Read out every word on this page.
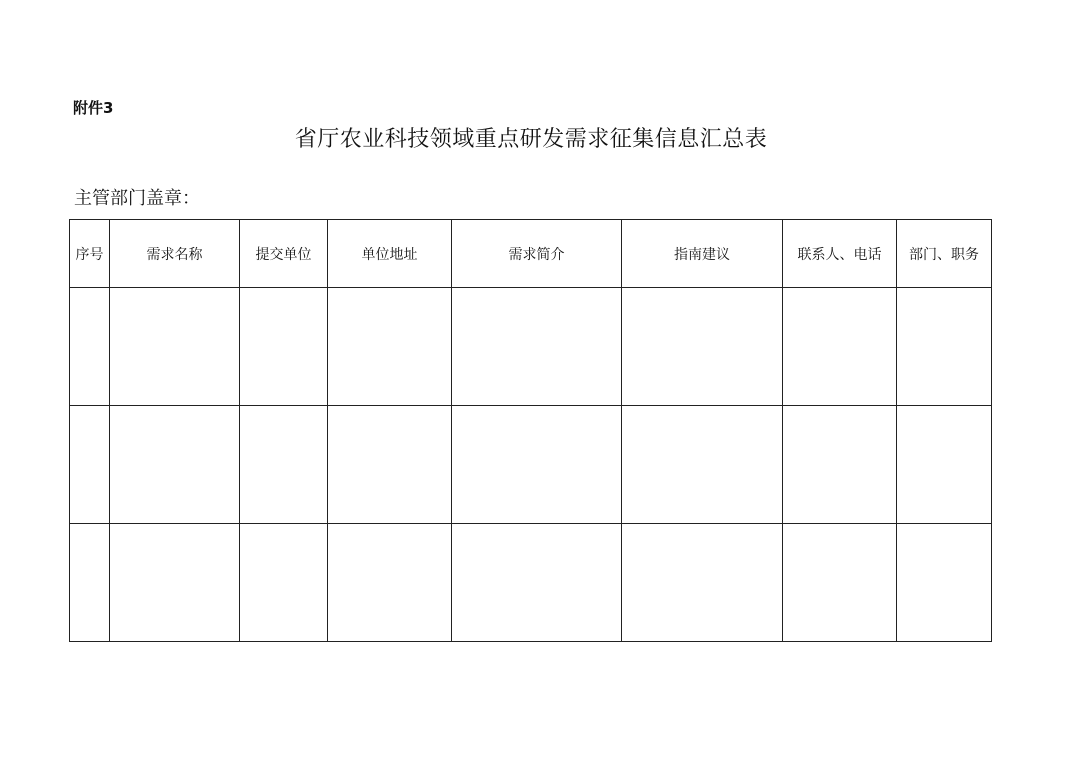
附件3
省厅农业科技领域重点研发需求征集信息汇总表
主管部门盖章：
序号	需求名称	提交单位	单位地址	需求简介	指南建议	联系人、电话	部门、职务
